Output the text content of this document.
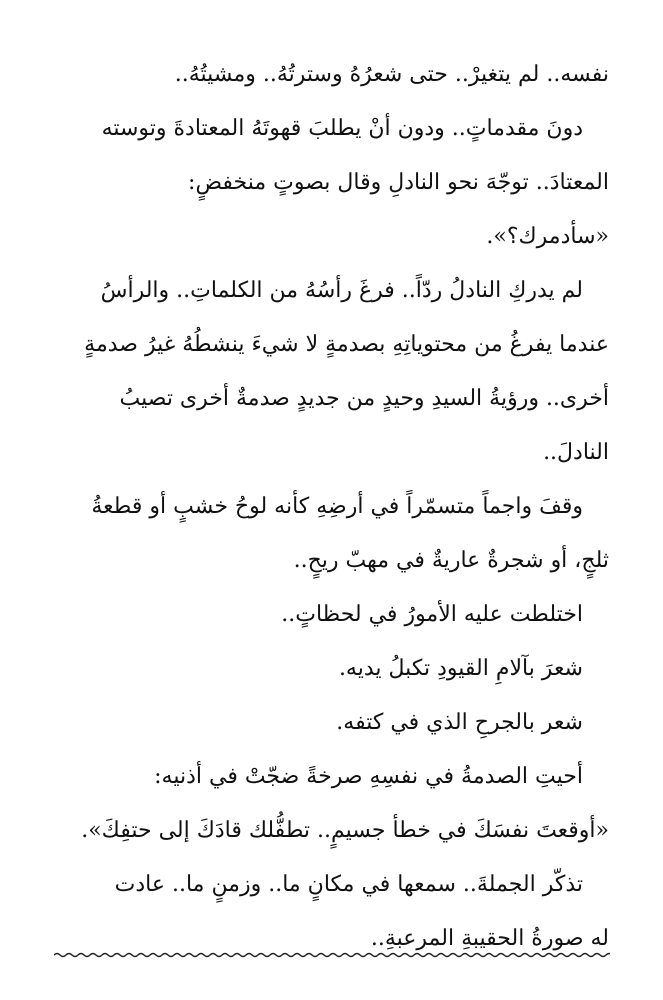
نفسه.. لم يتغيرْ.. حتى شعرُهُ وسترتُهُ.. ومشيتُهُ..

دونَ مقدماتٍ.. ودون أنْ يطلبَ قهوتَهُ المعتادةَ وتوسته
المعتادَ.. توجّهَ نحو النادلِ وقال بصوتٍ منخفضٍ:
«سأدمرك؟».

لم يدركِ النادلُ ردّاً.. فرغَ رأسُهُ من الكلماتِ.. والرأسُ
عندما يفرغُ من محتوياتِهِ بصدمةٍ لا شيءَ ينشطُهُ غيرُ صدمةٍ
أخرى.. ورؤيةُ السيدِ وحيدٍ من جديدٍ صدمةٌ أخرى تصيبُ
النادلَ..

وقفَ واجماً متسمّراً في أرضِهِ كأنه لوحُ خشبٍ أو قطعةُ
ثلجٍ، أو شجرةٌ عاريةٌ في مهبّ ريحٍ..

اختلطت عليه الأمورُ في لحظاتٍ..

شعرَ بآلامِ القيودِ تكبلُ يديه.

شعر بالجرحِ الذي في كتفه.

أحيتِ الصدمةُ في نفسِهِ صرخةً ضجّتْ في أذنيه:
«أوقعتَ نفسَكَ في خطأ جسيمٍ.. تطفُّلك قادَكَ إلى حتفِكَ».

تذكّر الجملةَ.. سمعها في مكانٍ ما.. وزمنٍ ما.. عادت
له صورةُ الحقيبةِ المرعبةِ..
